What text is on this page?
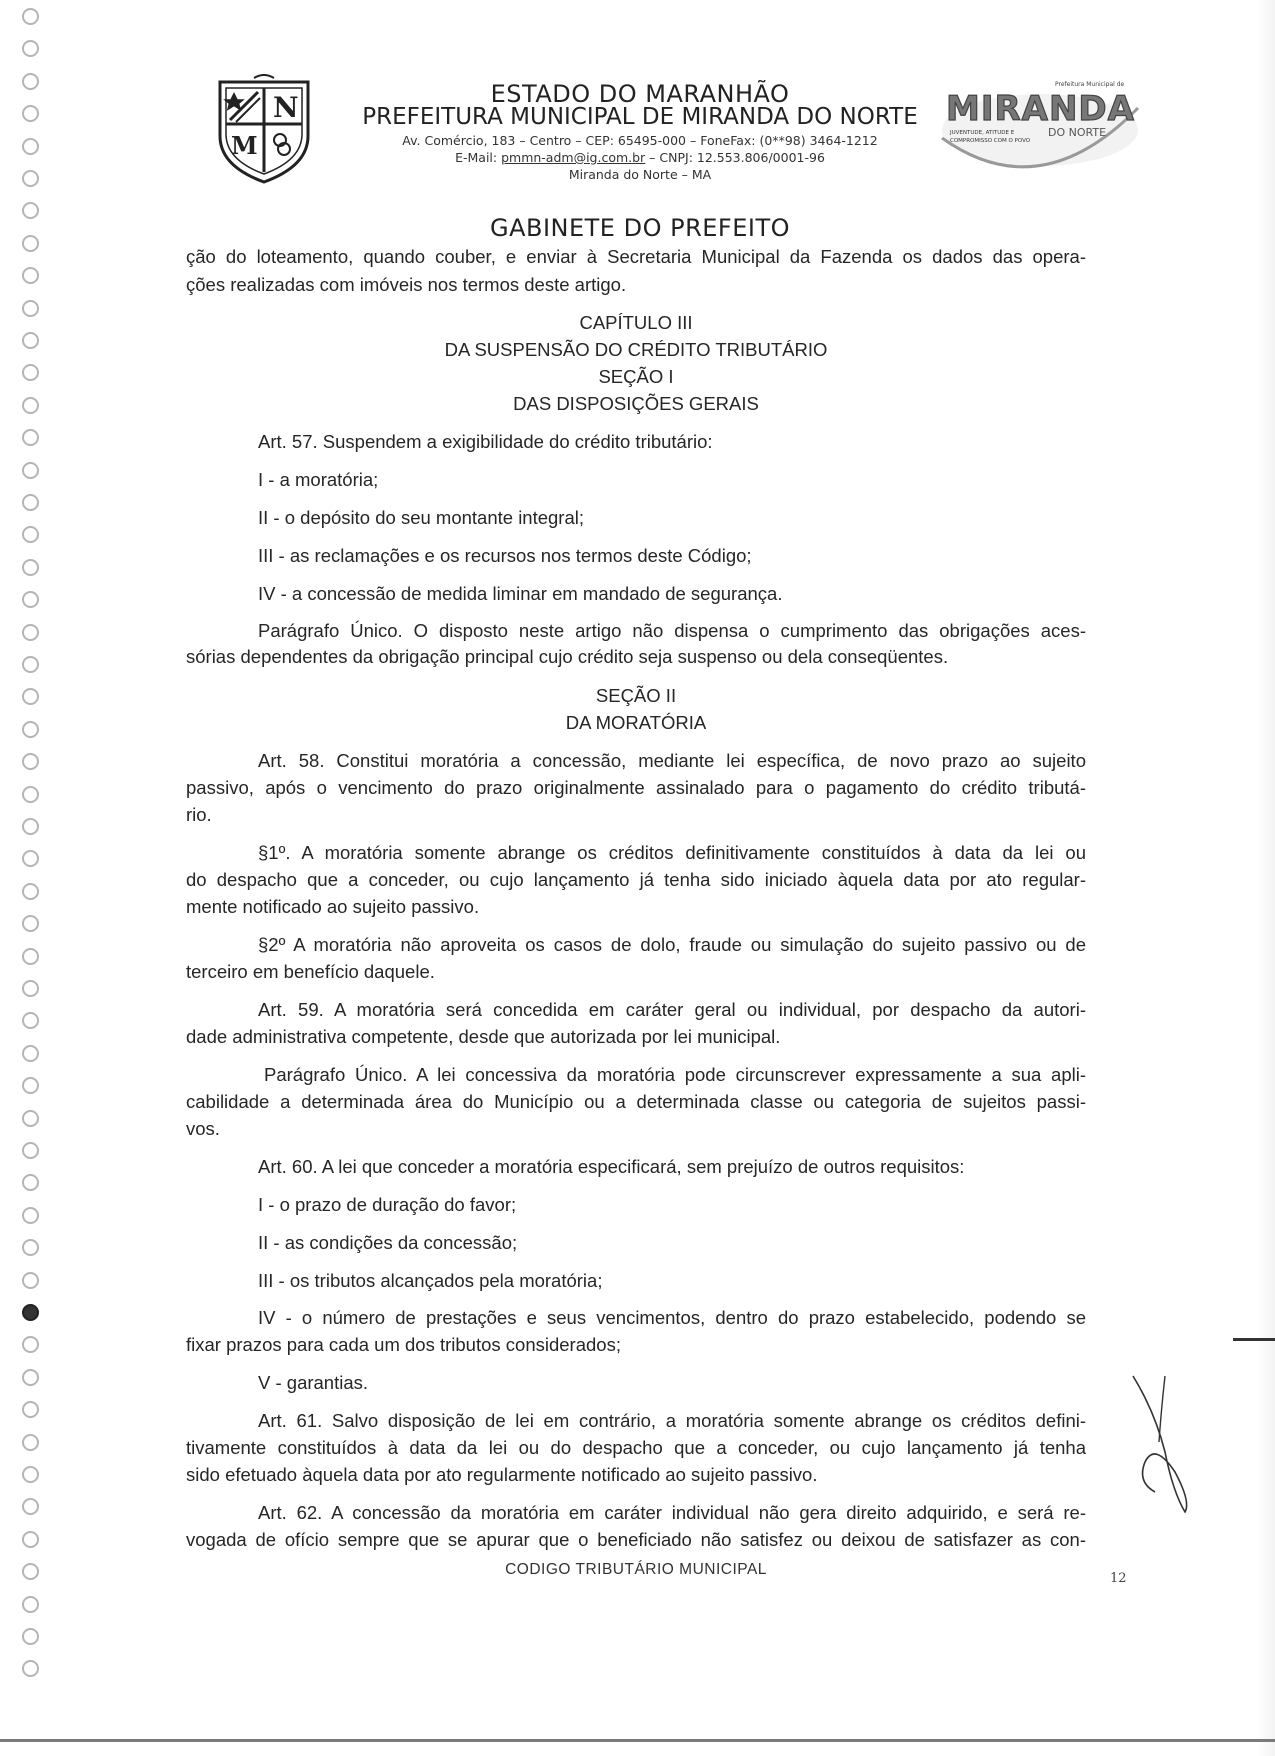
N
M
ESTADO DO MARANHÃO
PREFEITURA MUNICIPAL DE MIRANDA DO NORTE
Av. Comércio, 183 – Centro – CEP: 65495-000 – FoneFax: (0**98) 3464-1212
E-Mail: pmmn-adm@ig.com.br – CNPJ: 12.553.806/0001-96
Miranda do Norte – MA
Prefeitura Municipal de
MIRANDA
JUVENTUDE, ATITUDE E
COMPROMISSO COM O POVO
DO NORTE
GABINETE DO PREFEITO
ção do loteamento, quando couber, e enviar à Secretaria Municipal da Fazenda os dados das opera-
ções realizadas com imóveis nos termos deste artigo.
CAPÍTULO III
DA SUSPENSÃO DO CRÉDITO TRIBUTÁRIO
SEÇÃO I
DAS DISPOSIÇÕES GERAIS
Art. 57. Suspendem a exigibilidade do crédito tributário:
I - a moratória;
II - o depósito do seu montante integral;
III - as reclamações e os recursos nos termos deste Código;
IV - a concessão de medida liminar em mandado de segurança.
Parágrafo Único. O disposto neste artigo não dispensa o cumprimento das obrigações aces-
sórias dependentes da obrigação principal cujo crédito seja suspenso ou dela conseqüentes.
SEÇÃO II
DA MORATÓRIA
Art. 58. Constitui moratória a concessão, mediante lei específica, de novo prazo ao sujeito
passivo, após o vencimento do prazo originalmente assinalado para o pagamento do crédito tributá-
rio.
§1º. A moratória somente abrange os créditos definitivamente constituídos à data da lei ou
do despacho que a conceder, ou cujo lançamento já tenha sido iniciado àquela data por ato regular-
mente notificado ao sujeito passivo.
§2º A moratória não aproveita os casos de dolo, fraude ou simulação do sujeito passivo ou de
terceiro em benefício daquele.
Art. 59. A moratória será concedida em caráter geral ou individual, por despacho da autori-
dade administrativa competente, desde que autorizada por lei municipal.
Parágrafo Único. A lei concessiva da moratória pode circunscrever expressamente a sua apli-
cabilidade a determinada área do Município ou a determinada classe ou categoria de sujeitos passi-
vos.
Art. 60. A lei que conceder a moratória especificará, sem prejuízo de outros requisitos:
I - o prazo de duração do favor;
II - as condições da concessão;
III - os tributos alcançados pela moratória;
IV - o número de prestações e seus vencimentos, dentro do prazo estabelecido, podendo se
fixar prazos para cada um dos tributos considerados;
V - garantias.
Art. 61. Salvo disposição de lei em contrário, a moratória somente abrange os créditos defini-
tivamente constituídos à data da lei ou do despacho que a conceder, ou cujo lançamento já tenha
sido efetuado àquela data por ato regularmente notificado ao sujeito passivo.
Art. 62. A concessão da moratória em caráter individual não gera direito adquirido, e será re-
vogada de ofício sempre que se apurar que o beneficiado não satisfez ou deixou de satisfazer as con-
CODIGO TRIBUTÁRIO MUNICIPAL
12
